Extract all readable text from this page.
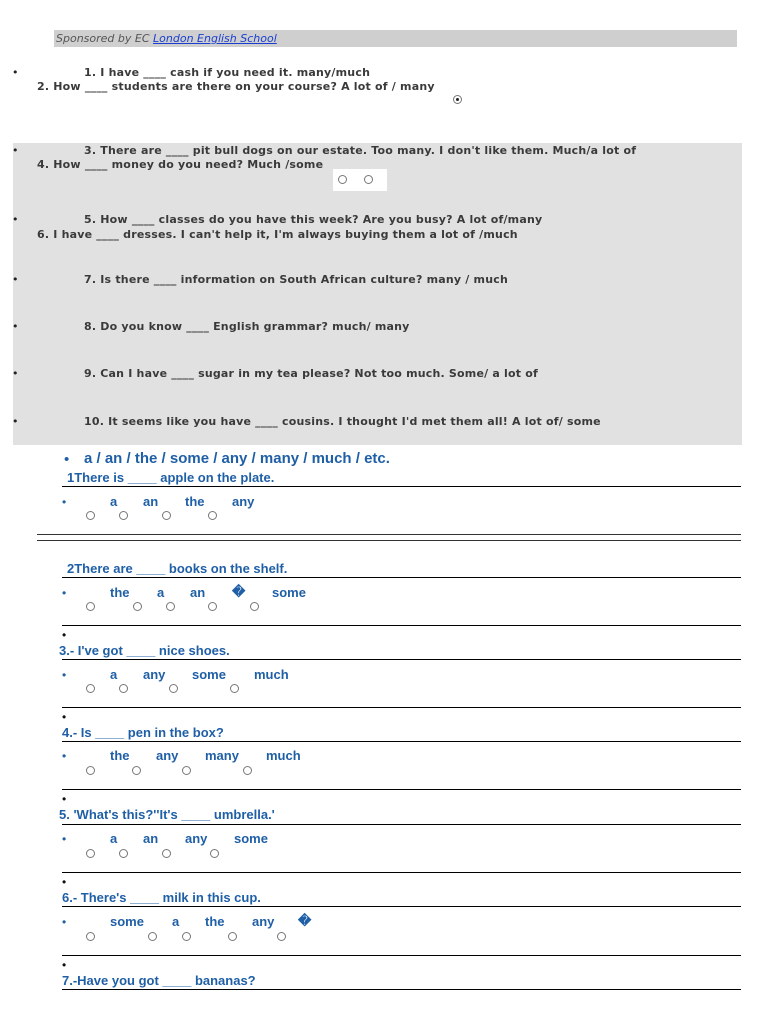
Sponsored by EC London English School
•	1. I have ____ cash if you need it. many/much
2. How ____ students are there on your course? A lot of / many
•	3. There are ____ pit bull dogs on our estate. Too many. I don't like them. Much/a lot of
4. How ____ money do you need? Much /some
•	5. How ____ classes do you have this week? Are you busy? A lot of/many
6. I have ____ dresses. I can't help it, I'm always buying them a lot of /much
•	7. Is there ____ information on South African culture? many / much
•	8. Do you know ____ English grammar? much/ many
•	9. Can I have ____ sugar in my tea please? Not too much. Some/ a lot of
•	10. It seems like you have ____ cousins. I thought I'd met them all! A lot of/ some
• a / an / the / some / any / many / much / etc.
1There is ____ apple on the plate.
•	a an the any
2There are ____ books on the shelf.
•	the a an � some
•
3.- I've got ____ nice shoes.
•	a any some much
•
4.- Is ____ pen in the box?
•	the any many much
•
5. 'What's this?''It's ____ umbrella.'
•	a an any some
•
6.- There's ____ milk in this cup.
•	some a the any �
•
7.-Have you got ____ bananas?
